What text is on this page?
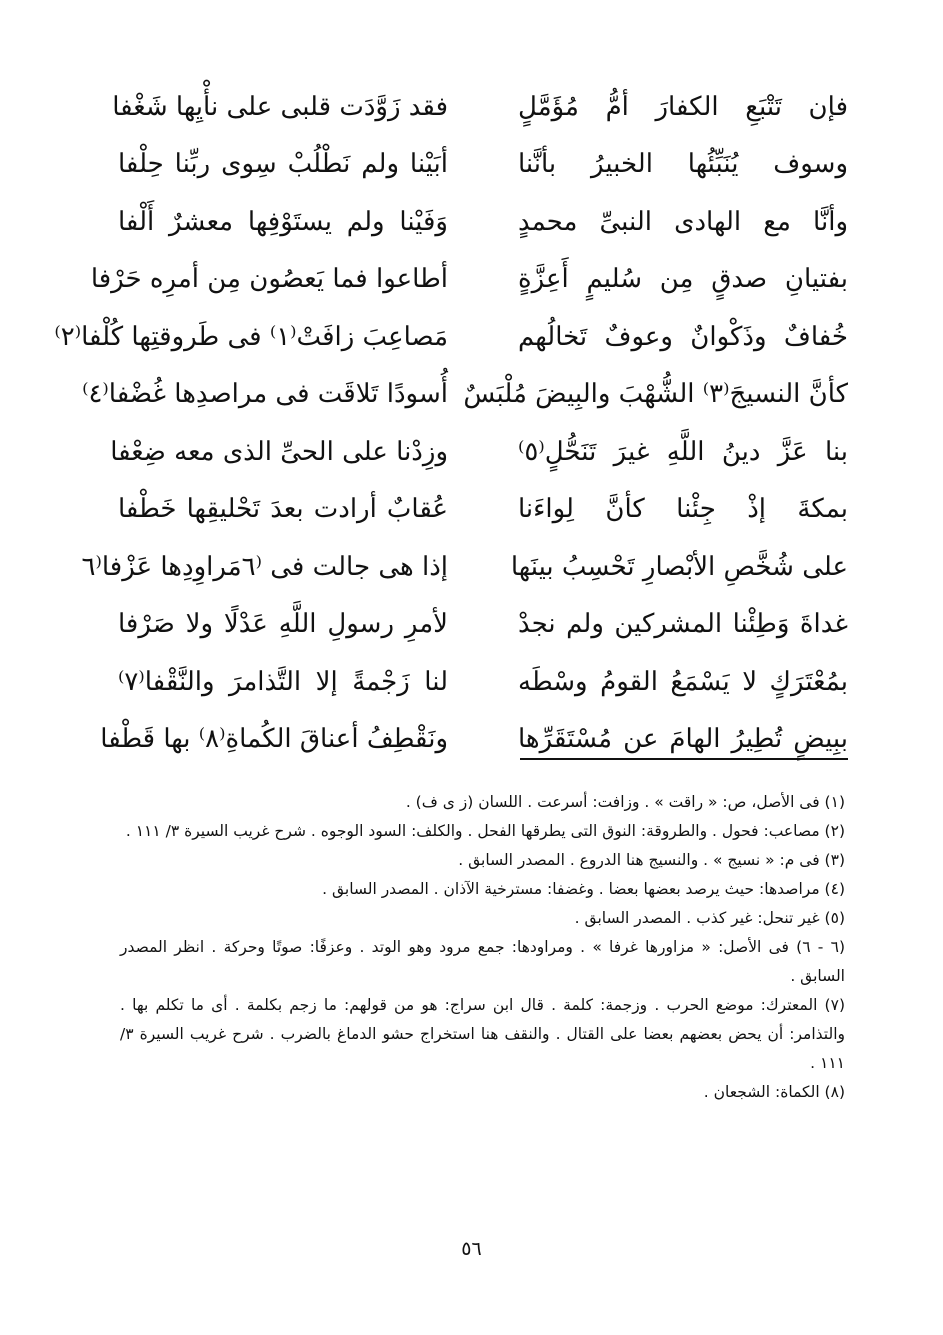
فإن تَتْبَعِ الكفارَ أمُّ مُؤَمَّلٍ
فقد زَوَّدَت قلبى على نأْيِها شَغْفا
وسوف يُنَبِّئُها الخبيرُ بأنَّنا
أبَيْنا ولم نَطْلُبْ سِوى ربِّنا حِلْفا
وأنَّا مع الهادى النبىِّ محمدٍ
وَفَيْنا ولم يستَوْفِها معشرٌ أَلْفا
بفتيانِ صدقٍ مِن سُليمٍ أَعِزَّةٍ
أطاعوا فما يَعصُون مِن أمرِه حَرْفا
خُفافٌ وذَكْوانٌ وعوفٌ تَخالُهم
مَصاعِبَ زافَتْ⁽١⁾ فى طَروقتِها كُلْفا⁽٢⁾
كأنَّ النسيجَ⁽٣⁾ الشُّهْبَ والبِيضَ مُلْبَسٌ
أُسودًا تَلاقَت فى مراصدِها غُضْفا⁽٤⁾
بنا عَزَّ دينُ اللَّهِ غيرَ تَنَحُّلٍ⁽٥⁾
وزِدْنا على الحىِّ الذى معه ضِعْفا
بمكةَ إذْ جِئْنا كأنَّ لِواءَنا
عُقابٌ أرادت بعدَ تَحْليقِها خَطْفا
على شُخَّصِ الأبْصارِ تَحْسِبُ بينَها
إذا هى جالت فى ⁽٦مَراوِدِها عَزْفا⁽٦
غداةَ وَطِئْنا المشركين ولم نجدْ
لأمرِ رسولِ اللَّهِ عَدْلًا ولا صَرْفا
بمُعْتَرَكٍ لا يَسْمَعُ القومُ وسْطَه
لنا زَجْمةً إلا التَّذامرَ والنَّقْفا⁽٧⁾
ببِيضٍ تُطِيرُ الهامَ عن مُسْتَقَرِّها
ونَقْطِفُ أعناقَ الكُماةِ⁽٨⁾ بها قَطْفا

(١) فى الأصل، ص: « راقت » . وزافت: أسرعت . اللسان (ز ى ف) .

(٢) مصاعب: فحول . والطروقة: النوق التى يطرقها الفحل . والكلف: السود الوجوه . شرح غريب السيرة ٣/ ١١١ .

(٣) فى م: « نسيج » . والنسيج هنا الدروع . المصدر السابق .

(٤) مراصدها: حيث يرصد بعضها بعضا . وغضفا: مسترخية الآذان . المصدر السابق .

(٥) غير تنحل: غير كذب . المصدر السابق .

(٦ - ٦) فى الأصل: « مزاورها غرفا » . ومراودها: جمع مرود وهو الوتد . وعزفًا: صوتًا وحركة . انظر المصدر السابق .

(٧) المعترك: موضع الحرب . وزجمة: كلمة . قال ابن سراج: هو من قولهم: ما زجم بكلمة . أى ما تكلم بها . والتذامر: أن يحض بعضهم بعضا على القتال . والنقف هنا استخراج حشو الدماغ بالضرب . شرح غريب السيرة ٣/ ١١١ .

(٨) الكماة: الشجعان .

٥٦
